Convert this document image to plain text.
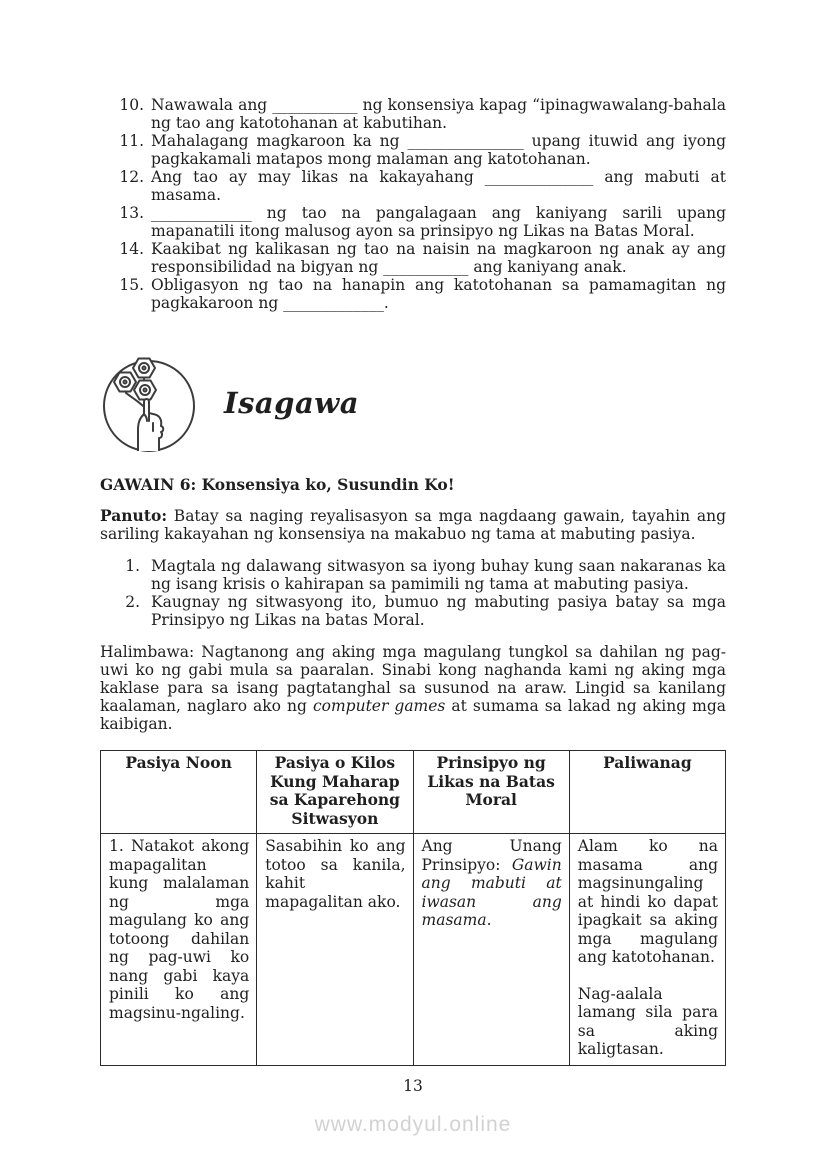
10. Nawawala ang ___________ ng konsensiya kapag “ipinagwawalang-bahala ng tao ang katotohanan at kabutihan.
11. Mahalagang magkaroon ka ng _______________ upang ituwid ang iyong pagkakamali matapos mong malaman ang katotohanan.
12. Ang tao ay may likas na kakayahang ______________ ang mabuti at masama.
13. _____________ ng tao na pangalagaan ang kaniyang sarili upang mapanatili itong malusog ayon sa prinsipyo ng Likas na Batas Moral.
14. Kaakibat ng kalikasan ng tao na naisin na magkaroon ng anak ay ang responsibilidad na bigyan ng ___________ ang kaniyang anak.
15. Obligasyon ng tao na hanapin ang katotohanan sa pamamagitan ng pagkakaroon ng _____________.
Isagawa
GAWAIN 6: Konsensiya ko, Susundin Ko!
Panuto: Batay sa naging reyalisasyon sa mga nagdaang gawain, tayahin ang sariling kakayahan ng konsensiya na makabuo ng tama at mabuting pasiya.
1. Magtala ng dalawang sitwasyon sa iyong buhay kung saan nakaranas ka ng isang krisis o kahirapan sa pamimili ng tama at mabuting pasiya.
2. Kaugnay ng sitwasyong ito, bumuo ng mabuting pasiya batay sa mga Prinsipyo ng Likas na batas Moral.
Halimbawa: Nagtanong ang aking mga magulang tungkol sa dahilan ng pag-uwi ko ng gabi mula sa paaralan. Sinabi kong naghanda kami ng aking mga kaklase para sa isang pagtatanghal sa susunod na araw. Lingid sa kanilang kaalaman, naglaro ako ng computer games at sumama sa lakad ng aking mga kaibigan.
Pasiya Noon	Pasiya o Kilos Kung Maharap sa Kaparehong Sitwasyon	Prinsipyo ng Likas na Batas Moral	Paliwanag
1. Natakot akong mapagalitan kung malalaman ng mga magulang ko ang totoong dahilan ng pag-uwi ko nang gabi kaya pinili ko ang magsinu-ngaling.	Sasabihin ko ang totoo sa kanila, kahit mapagalitan ako.	Ang Unang Prinsipyo: Gawin ang mabuti at iwasan ang masama.	Alam ko na masama ang magsinungaling at hindi ko dapat ipagkait sa aking mga magulang ang katotohanan.

Nag-aalala lamang sila para sa aking kaligtasan.

13
www.modyul.online
